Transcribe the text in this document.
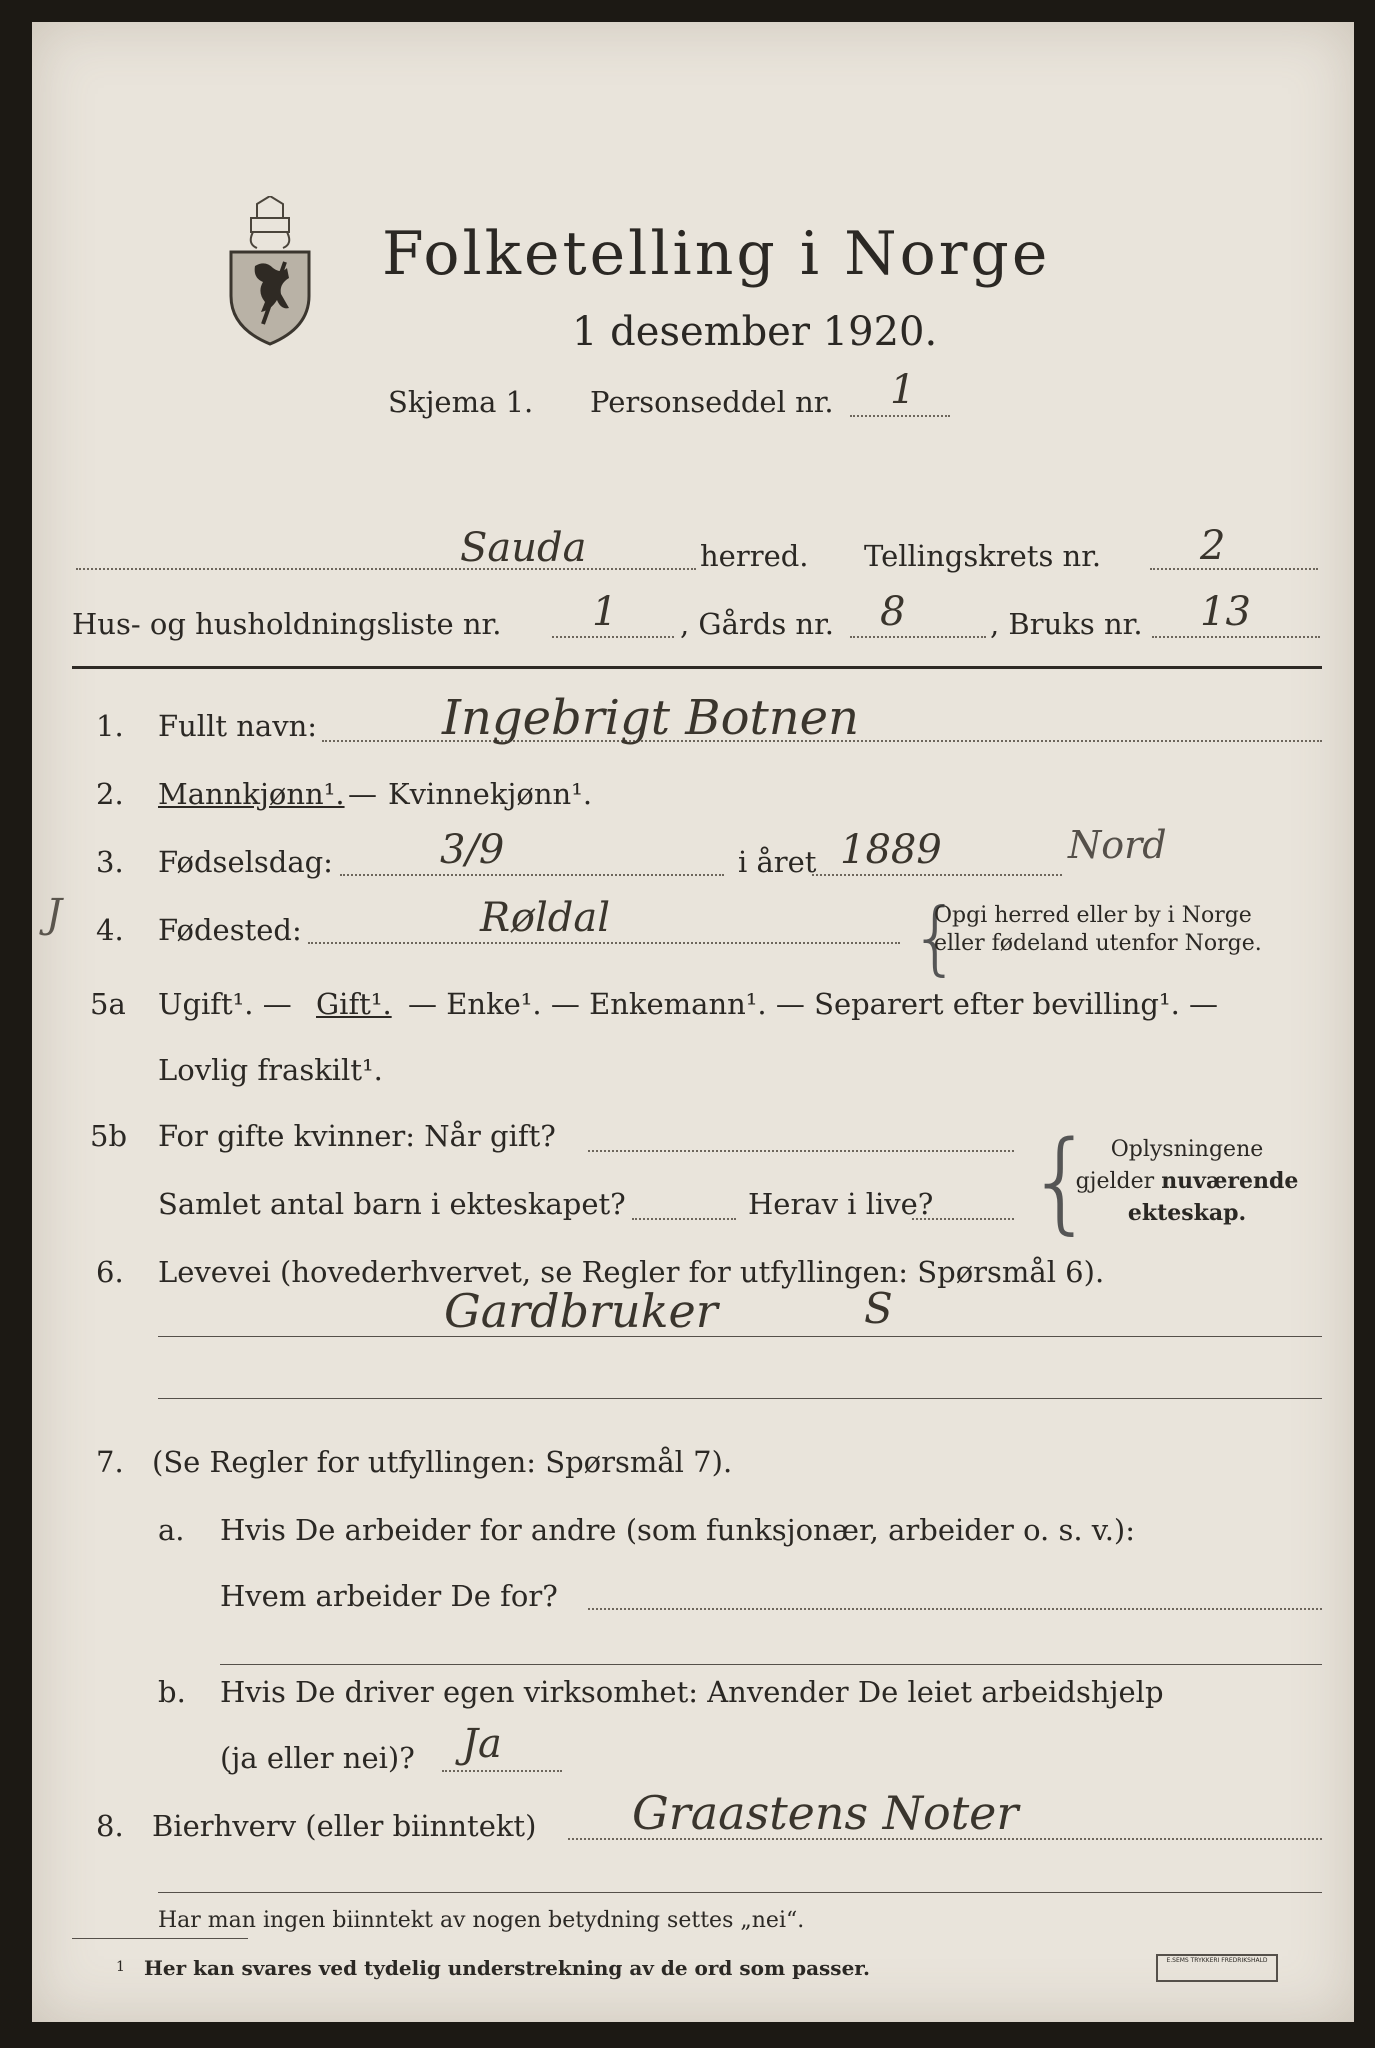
Folketelling i Norge
1 desember 1920.
Skjema 1. Personseddel nr. 1
Sauda	herred. Tellingskrets nr. 2
Hus- og husholdningsliste nr. 1 , Gårds nr. 8	, Bruks nr. 13
1. Fullt navn:	Ingebrigt Botnen
2. Mannkjønn¹. — Kvinnekjønn¹.
3. Fødselsdag:	3/9	i året 1889	Nord
J 4. Fødested:	Røldal	{
Opgi herred eller by i Norge
eller fødeland utenfor Norge.
5a Ugift¹. — Gift¹. — Enke¹. — Enkemann¹. — Separert efter bevilling¹. —
Lovlig fraskilt¹.
5b For gifte kvinner: Når gift?
Samlet antal barn i ekteskapet?	Herav i live? { Oplysningene
gjelder nuværende
ekteskap.
6. Levevei (hovederhvervet, se Regler for utfyllingen: Spørsmål 6).
Gardbruker	S
7. (Se Regler for utfyllingen: Spørsmål 7).
a. Hvis De arbeider for andre (som funksjonær, arbeider o. s. v.):
Hvem arbeider De for?
b. Hvis De driver egen virksomhet: Anvender De leiet arbeidshjelp
(ja eller nei)? Ja
8. Bierhverv (eller biinntekt) Graastens Noter
Har man ingen biinntekt av nogen betydning settes „nei“.
1 Her kan svares ved tydelig understrekning av de ord som passer.	E.SEMS TRYKKERI FREDRIKSHALD
